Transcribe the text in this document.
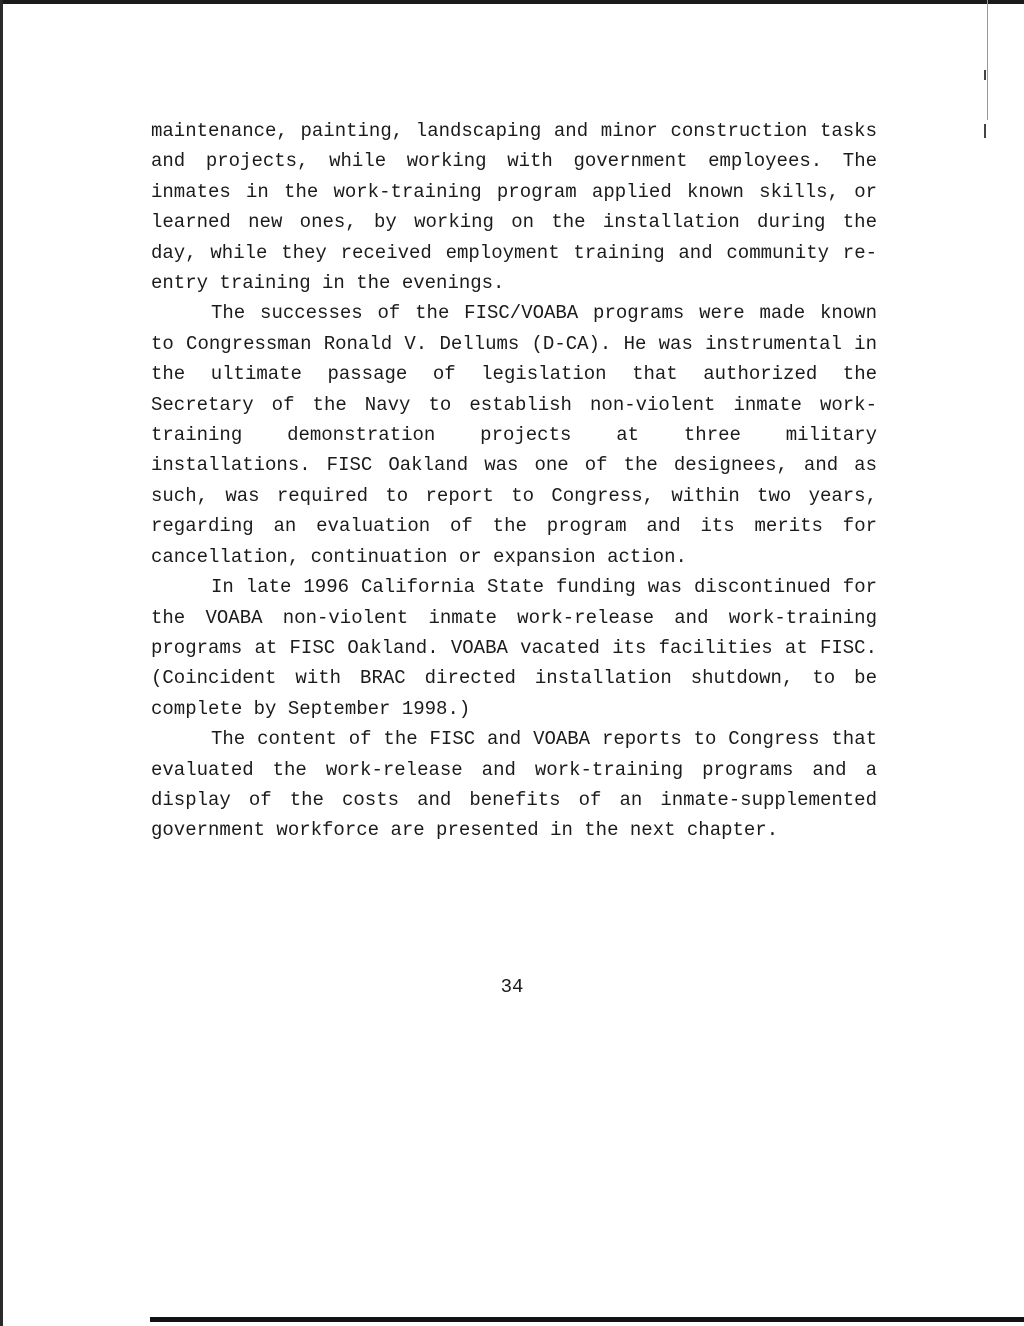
maintenance, painting, landscaping and minor construction tasks and projects, while working with government employees. The inmates in the work-training program applied known skills, or learned new ones, by working on the installation during the day, while they received employment training and community re-entry training in the evenings.

The successes of the FISC/VOABA programs were made known to Congressman Ronald V. Dellums (D-CA). He was instrumental in the ultimate passage of legislation that authorized the Secretary of the Navy to establish non-violent inmate work-training demonstration projects at three military installations. FISC Oakland was one of the designees, and as such, was required to report to Congress, within two years, regarding an evaluation of the program and its merits for cancellation, continuation or expansion action.

In late 1996 California State funding was discontinued for the VOABA non-violent inmate work-release and work-training programs at FISC Oakland. VOABA vacated its facilities at FISC. (Coincident with BRAC directed installation shutdown, to be complete by September 1998.)

The content of the FISC and VOABA reports to Congress that evaluated the work-release and work-training programs and a display of the costs and benefits of an inmate-supplemented government workforce are presented in the next chapter.

34
